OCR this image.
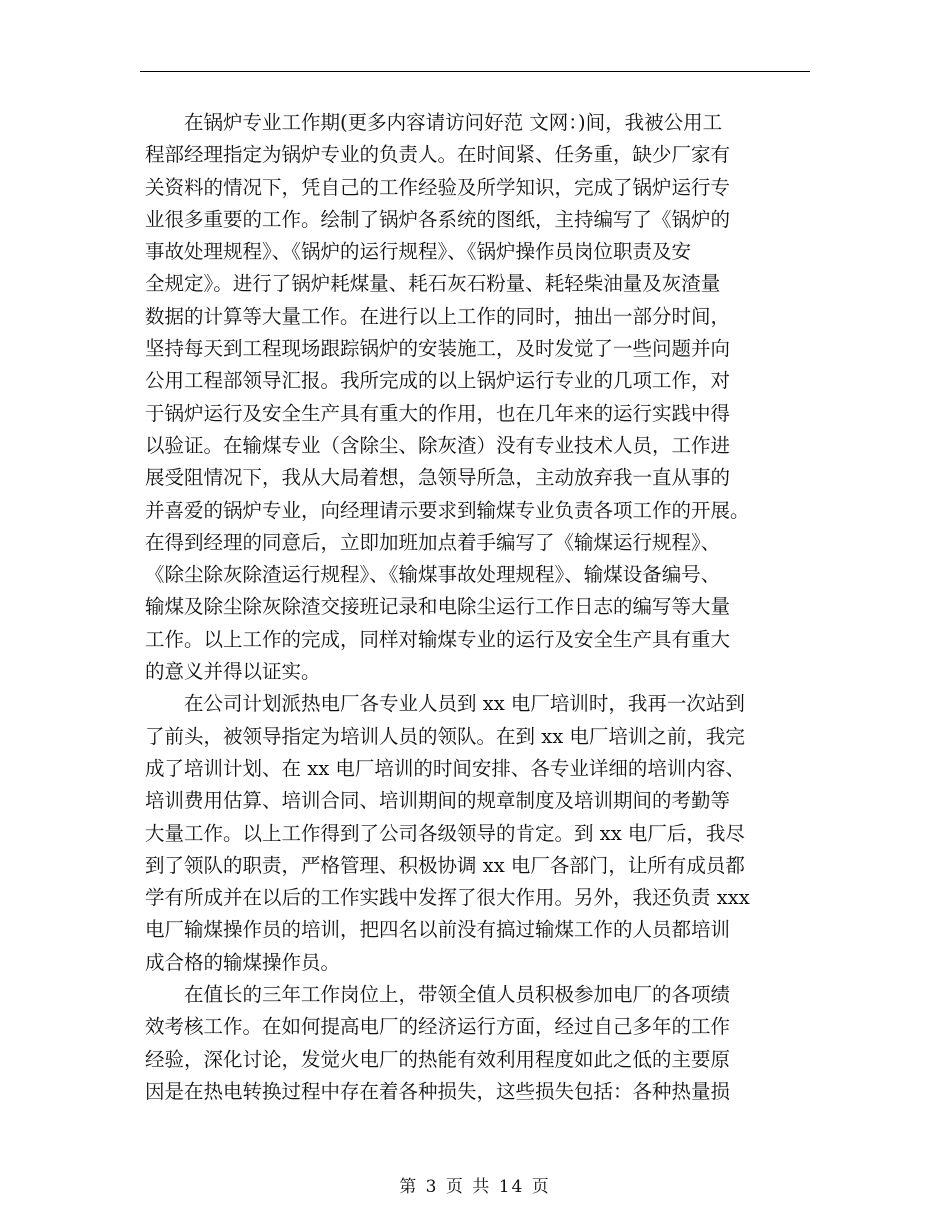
　　在锅炉专业工作期(更多内容请访问好范 文网：)间，我被公用工
程部经理指定为锅炉专业的负责人。在时间紧、任务重，缺少厂家有
关资料的情况下，凭自己的工作经验及所学知识，完成了锅炉运行专
业很多重要的工作。绘制了锅炉各系统的图纸，主持编写了《锅炉的
事故处理规程》、《锅炉的运行规程》、《锅炉操作员岗位职责及安
全规定》。进行了锅炉耗煤量、耗石灰石粉量、耗轻柴油量及灰渣量
数据的计算等大量工作。在进行以上工作的同时，抽出一部分时间，
坚持每天到工程现场跟踪锅炉的安装施工，及时发觉了一些问题并向
公用工程部领导汇报。我所完成的以上锅炉运行专业的几项工作，对
于锅炉运行及安全生产具有重大的作用，也在几年来的运行实践中得
以验证。在输煤专业（含除尘、除灰渣）没有专业技术人员，工作进
展受阻情况下，我从大局着想，急领导所急，主动放弃我一直从事的
并喜爱的锅炉专业，向经理请示要求到输煤专业负责各项工作的开展。
在得到经理的同意后，立即加班加点着手编写了《输煤运行规程》、
《除尘除灰除渣运行规程》、《输煤事故处理规程》、输煤设备编号、
输煤及除尘除灰除渣交接班记录和电除尘运行工作日志的编写等大量
工作。以上工作的完成，同样对输煤专业的运行及安全生产具有重大
的意义并得以证实。
　　在公司计划派热电厂各专业人员到 xx 电厂培训时，我再一次站到
了前头，被领导指定为培训人员的领队。在到 xx 电厂培训之前，我完
成了培训计划、在 xx 电厂培训的时间安排、各专业详细的培训内容、
培训费用估算、培训合同、培训期间的规章制度及培训期间的考勤等
大量工作。以上工作得到了公司各级领导的肯定。到 xx 电厂后，我尽
到了领队的职责，严格管理、积极协调 xx 电厂各部门，让所有成员都
学有所成并在以后的工作实践中发挥了很大作用。另外，我还负责 xxx
电厂输煤操作员的培训，把四名以前没有搞过输煤工作的人员都培训
成合格的输煤操作员。
　　在值长的三年工作岗位上，带领全值人员积极参加电厂的各项绩
效考核工作。在如何提高电厂的经济运行方面，经过自己多年的工作
经验，深化讨论，发觉火电厂的热能有效利用程度如此之低的主要原
因是在热电转换过程中存在着各种损失，这些损失包括：各种热量损
第 3 页 共 14 页
